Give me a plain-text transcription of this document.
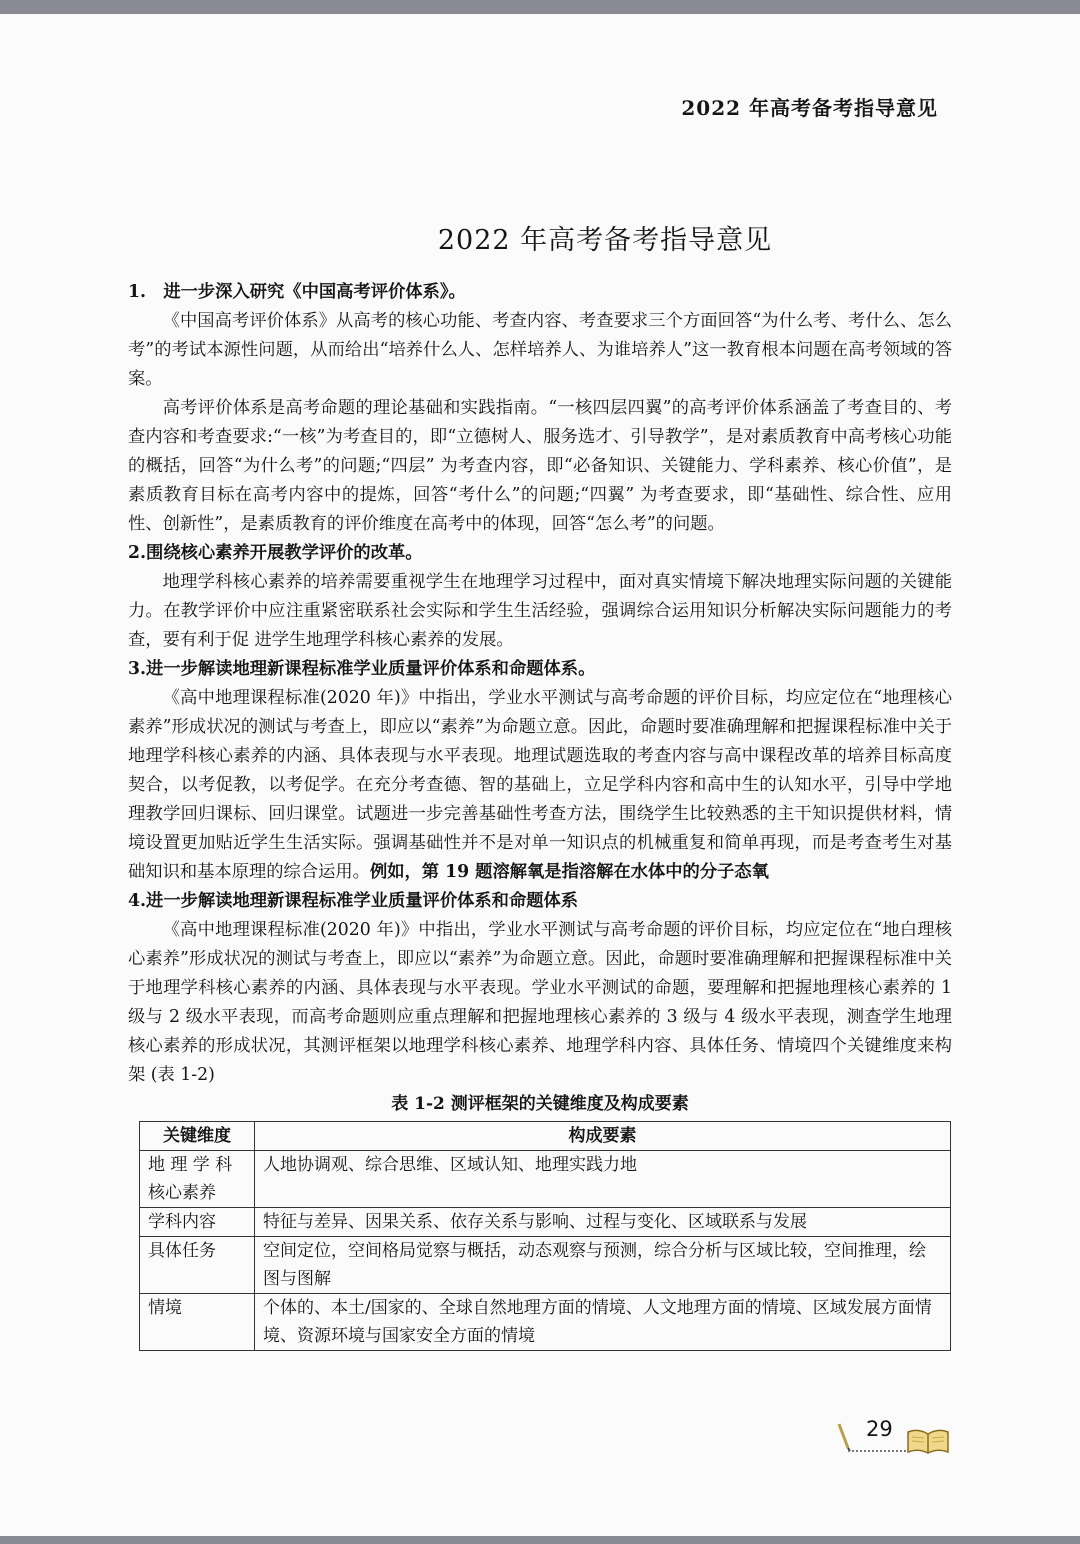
2022 年高考备考指导意见
2022 年高考备考指导意见

1.　进一步深入研究《中国高考评价体系》。

《中国高考评价体系》从高考的核心功能、考查内容、考查要求三个方面回答“为什么考、考什么、怎么考”的考试本源性问题，从而给出“培养什么人、怎样培养人、为谁培养人”这一教育根本问题在高考领域的答案。

高考评价体系是高考命题的理论基础和实践指南。“一核四层四翼”的高考评价体系涵盖了考查目的、考查内容和考查要求:“一核”为考查目的，即“立德树人、服务选才、引导教学”，是对素质教育中高考核心功能的概括，回答“为什么考”的问题;“四层” 为考查内容，即“必备知识、关键能力、学科素养、核心价值”，是素质教育目标在高考内容中的提炼，回答“考什么”的问题;“四翼” 为考查要求，即“基础性、综合性、应用性、创新性”，是素质教育的评价维度在高考中的体现，回答“怎么考”的问题。

2.围绕核心素养开展教学评价的改革。

地理学科核心素养的培养需要重视学生在地理学习过程中，面对真实情境下解决地理实际问题的关键能力。在教学评价中应注重紧密联系社会实际和学生生活经验，强调综合运用知识分析解决实际问题能力的考查，要有利于促 进学生地理学科核心素养的发展。

3.进一步解读地理新课程标准学业质量评价体系和命题体系。

《高中地理课程标准(2020 年)》中指出，学业水平测试与高考命题的评价目标，均应定位在“地理核心素养”形成状况的测试与考查上，即应以“素养”为命题立意。因此，命题时要准确理解和把握课程标准中关于地理学科核心素养的内涵、具体表现与水平表现。地理试题选取的考查内容与高中课程改革的培养目标高度契合，以考促教，以考促学。在充分考查德、智的基础上，立足学科内容和高中生的认知水平，引导中学地理教学回归课标、回归课堂。试题进一步完善基础性考查方法，围绕学生比较熟悉的主干知识提供材料，情境设置更加贴近学生生活实际。强调基础性并不是对单一知识点的机械重复和简单再现，而是考查考生对基础知识和基本原理的综合运用。例如，第 19 题溶解氧是指溶解在水体中的分子态氧

4.进一步解读地理新课程标准学业质量评价体系和命题体系

《高中地理课程标准(2020 年)》中指出，学业水平测试与高考命题的评价目标，均应定位在“地白理核心素养”形成状况的测试与考查上，即应以“素养”为命题立意。因此，命题时要准确理解和把握课程标准中关于地理学科核心素养的内涵、具体表现与水平表现。学业水平测试的命题，要理解和把握地理核心素养的 1 级与 2 级水平表现，而高考命题则应重点理解和把握地理核心素养的 3 级与 4 级水平表现，测查学生地理核心素养的形成状况，其测评框架以地理学科核心素养、地理学科内容、具体任务、情境四个关键维度来构架 (表 1-2)

表 1-2 测评框架的关键维度及构成要素
关键维度	构成要素
地 理 学 科核心素养	人地协调观、综合思维、区域认知、地理实践力地
学科内容	特征与差异、因果关系、依存关系与影响、过程与变化、区域联系与发展
具体任务	空间定位，空间格局觉察与概括，动态观察与预测，综合分析与区域比较，空间推理，绘图与图解
情境	个体的、本土/国家的、全球自然地理方面的情境、人文地理方面的情境、区域发展方面情境、资源环境与国家安全方面的情境
29
